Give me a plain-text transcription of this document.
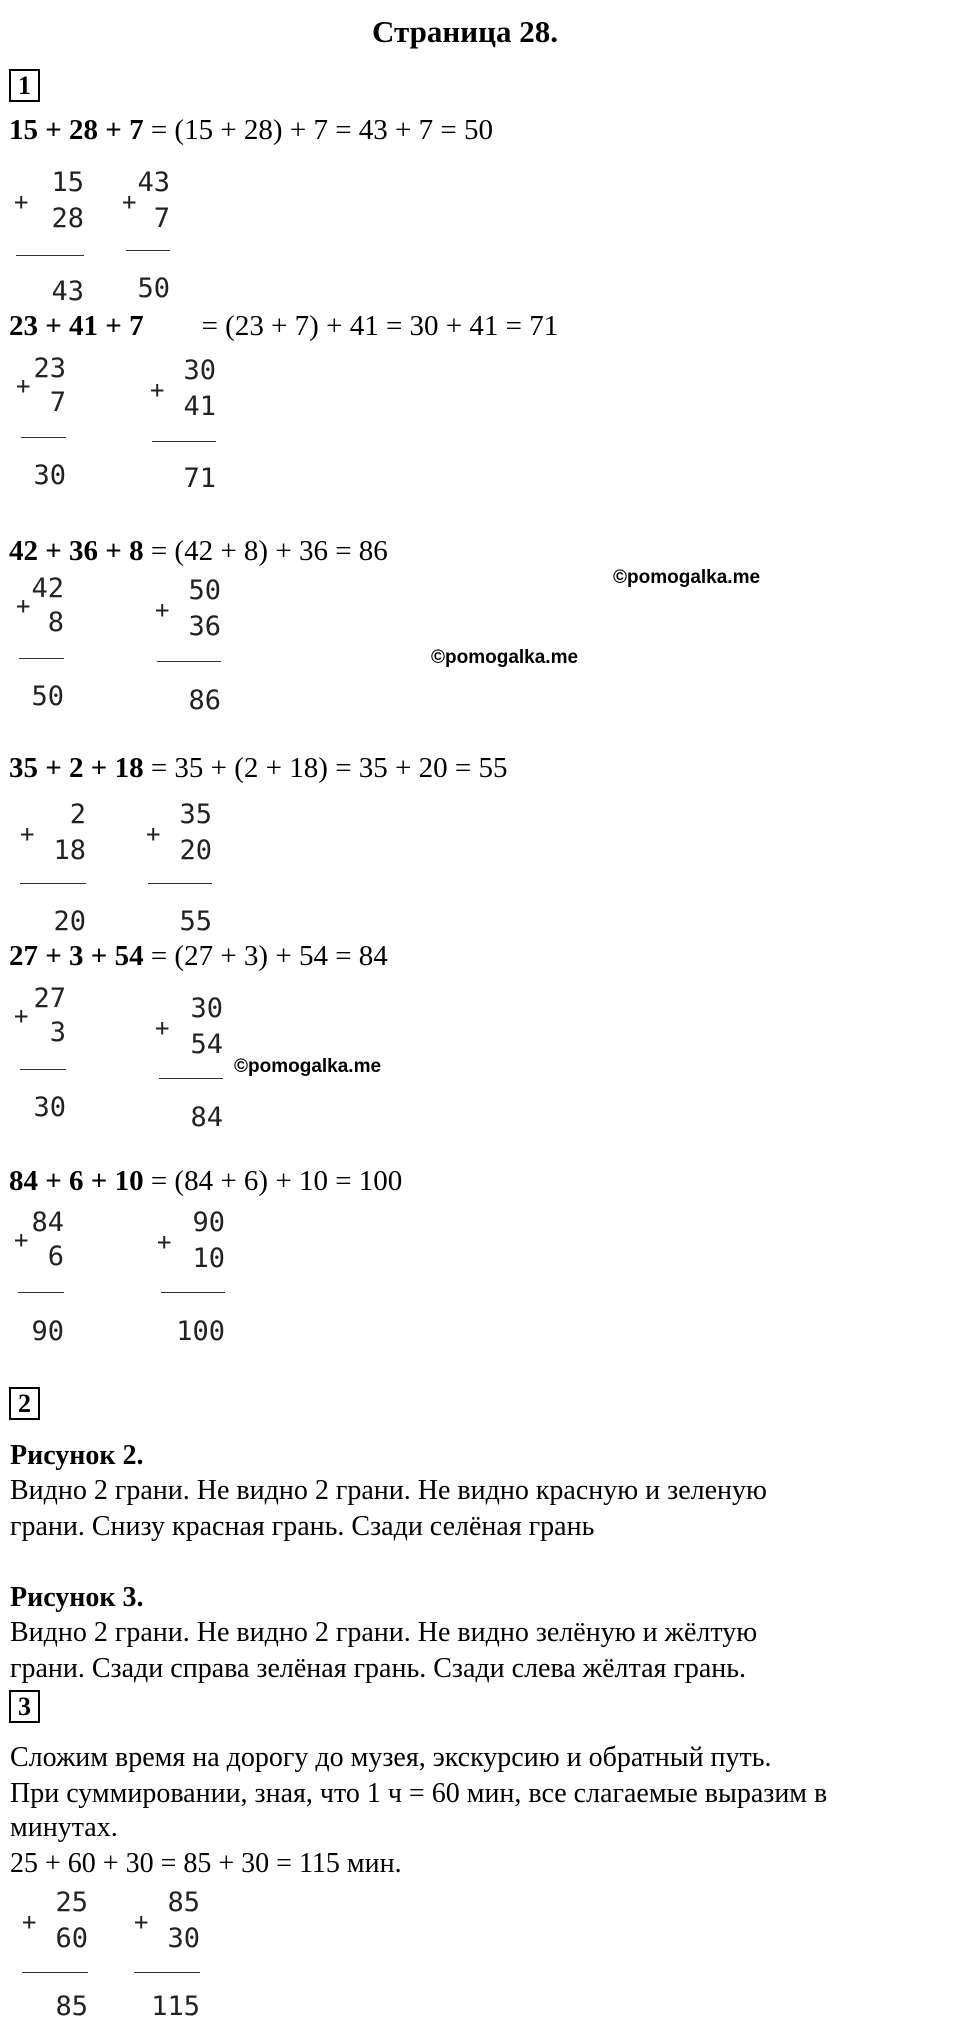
Страница 28.
1
15 + 28 + 7 = (15 + 28) + 7 = 43 + 7 = 50
+
15
28
43
+
43
7
50
23 + 41 + 7        = (23 + 7) + 41 = 30 + 41 = 71
+
23
7
30
+
30
41
71
42 + 36 + 8 = (42 + 8) + 36 = 86
+
42
8
50
+
50
36
86
©pomogalka.me
©pomogalka.me
35 + 2 + 18 = 35 + (2 + 18) = 35 + 20 = 55
+
2
18
20
+
35
20
55
27 + 3 + 54 = (27 + 3) + 54 = 84
+
27
3
30
+
30
54
84
©pomogalka.me
84 + 6 + 10 = (84 + 6) + 10 = 100
+
84
6
90
+
90
10
100
2
Рисунок 2.
Видно 2 грани. Не видно 2 грани. Не видно красную и зеленую
грани. Снизу красная грань. Сзади селёная грань
Рисунок 3.
Видно 2 грани. Не видно 2 грани. Не видно зелёную и жёлтую
грани. Сзади справа зелёная грань. Сзади слева жёлтая грань.
3
Сложим время на дорогу до музея, экскурсию и обратный путь.
При суммировании, зная, что 1 ч = 60 мин, все слагаемые выразим в
минутах.
25 + 60 + 30 = 85 + 30 = 115 мин.
+
25
60
85
+
85
30
115
